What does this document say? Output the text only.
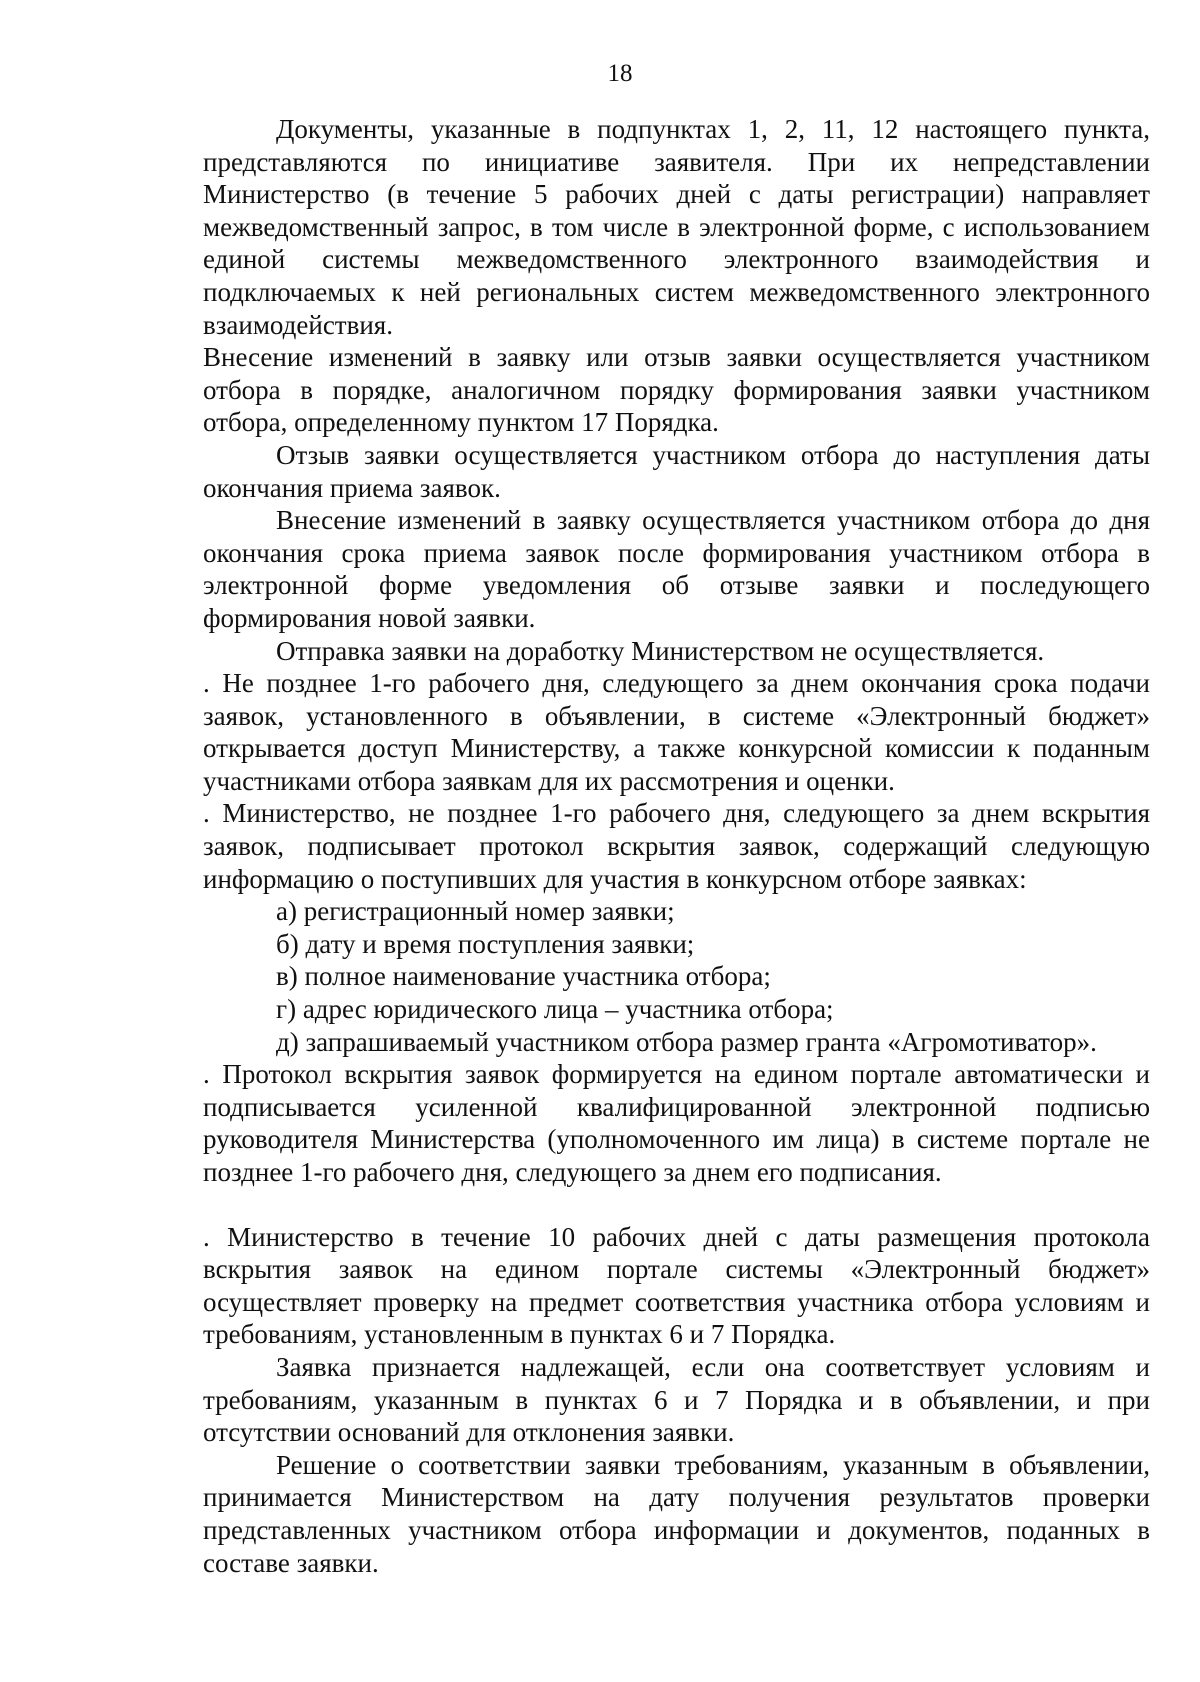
18

Документы, указанные в подпунктах 1, 2, 11, 12 настоящего пункта, представляются по инициативе заявителя. При их непредставлении Министерство (в течение 5 рабочих дней с даты регистрации) направляет межведомственный запрос, в том числе в электронной форме, с использованием единой системы межведомственного электронного взаимодействия и подключаемых к ней региональных систем межведомственного электронного взаимодействия.

Внесение изменений в заявку или отзыв заявки осуществляется участником отбора в порядке, аналогичном порядку формирования заявки участником отбора, определенному пунктом 17 Порядка.

Отзыв заявки осуществляется участником отбора до наступления даты окончания приема заявок.

Внесение изменений в заявку осуществляется участником отбора до дня окончания срока приема заявок после формирования участником отбора в электронной форме уведомления об отзыве заявки и последующего формирования новой заявки.

Отправка заявки на доработку Министерством не осуществляется.

. Не позднее 1-го рабочего дня, следующего за днем окончания срока подачи заявок, установленного в объявлении, в системе «Электронный бюджет» открывается доступ Министерству, а также конкурсной комиссии к поданным участниками отбора заявкам для их рассмотрения и оценки.

. Министерство, не позднее 1-го рабочего дня, следующего за днем вскрытия заявок, подписывает протокол вскрытия заявок, содержащий следующую информацию о поступивших для участия в конкурсном отборе заявках:

а) регистрационный номер заявки;

б) дату и время поступления заявки;

в) полное наименование участника отбора;

г) адрес юридического лица – участника отбора;

д) запрашиваемый участником отбора размер гранта «Агромотиватор».

. Протокол вскрытия заявок формируется на едином портале автоматически и подписывается усиленной квалифицированной электронной подписью руководителя Министерства (уполномоченного им лица) в системе портале не позднее 1-го рабочего дня, следующего за днем его подписания.

. Министерство в течение 10 рабочих дней с даты размещения протокола вскрытия заявок на едином портале системы «Электронный бюджет» осуществляет проверку на предмет соответствия участника отбора условиям и требованиям, установленным в пунктах 6 и 7 Порядка.

Заявка признается надлежащей, если она соответствует условиям и требованиям, указанным в пунктах 6 и 7 Порядка и в объявлении, и при отсутствии оснований для отклонения заявки.

Решение о соответствии заявки требованиям, указанным в объявлении, принимается Министерством на дату получения результатов проверки представленных участником отбора информации и документов, поданных в составе заявки.
